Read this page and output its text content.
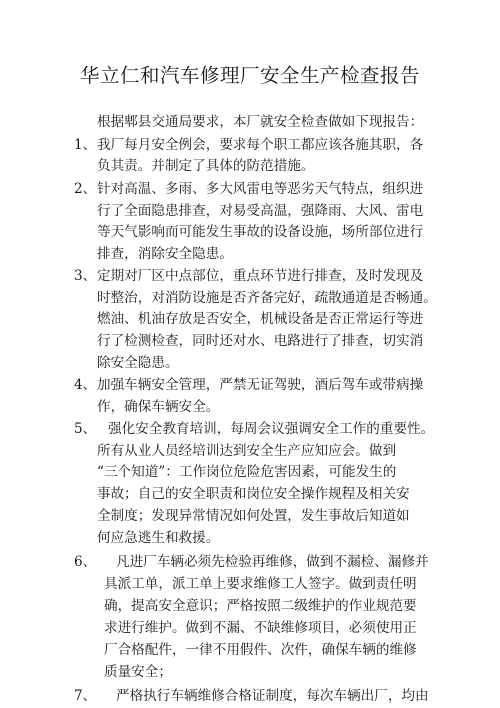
华立仁和汽车修理厂安全生产检查报告
根据郫县交通局要求，本厂就安全检查做如下现报告：
1、 我厂每月安全例会，要求每个职工都应该各施其职，各
负其责。并制定了具体的防范措施。
2、 针对高温、多雨、多大风雷电等恶劣天气特点，组织进
行了全面隐患排查，对易受高温，强降雨、大风、雷电
等天气影响而可能发生事故的设备设施，场所部位进行
排查，消除安全隐患。
3、 定期对厂区中点部位，重点环节进行排查，及时发现及
时整治，对消防设施是否齐备完好，疏散通道是否畅通。
燃油、机油存放是否安全，机械设备是否正常运行等进
行了检测检查，同时还对水、电路进行了排查，切实消
除安全隐患。
4、 加强车辆安全管理，严禁无证驾驶，酒后驾车或带病操
作，确保车辆安全。
5、 强化安全教育培训，每周会议强调安全工作的重要性。
所有从业人员经培训达到安全生产应知应会。做到
“三个知道”：工作岗位危险危害因素，可能发生的
事故；自己的安全职责和岗位安全操作规程及相关安
全制度；发现异常情况如何处置，发生事故后知道如
何应急逃生和救援。
6、 凡进厂车辆必须先检验再维修，做到不漏检、漏修并
具派工单，派工单上要求维修工人签字。做到责任明
确，提高安全意识；严格按照二级维护的作业规范要
求进行维护。做到不漏、不缺维修项目，必须使用正
厂合格配件，一律不用假件、次件，确保车辆的维修
质量安全；
7、 严格执行车辆维修合格证制度，每次车辆出厂，均由
